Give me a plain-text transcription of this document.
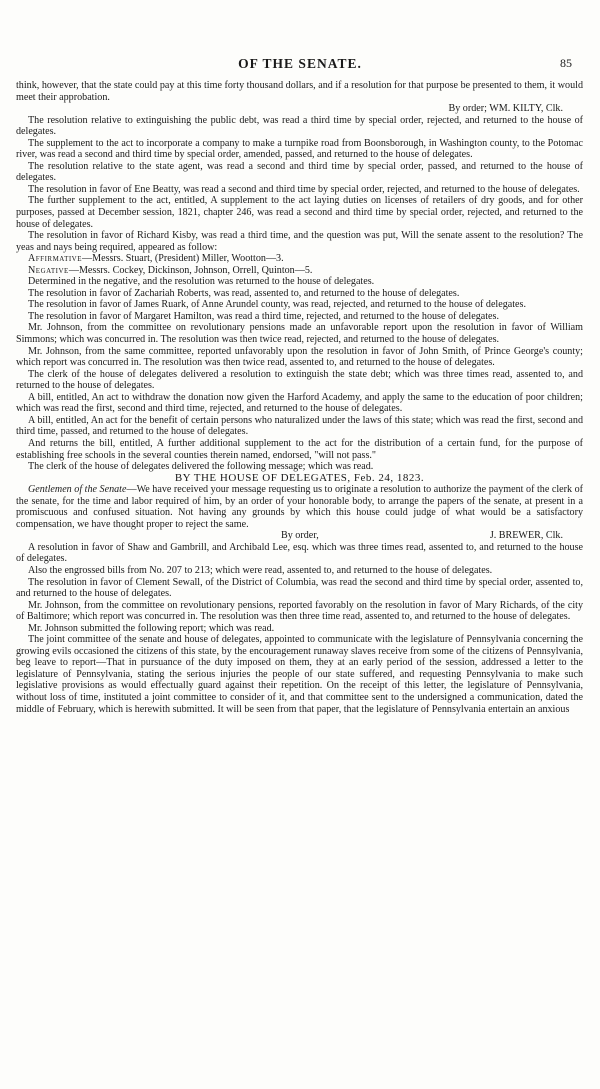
OF THE SENATE.	85

think, however, that the state could pay at this time forty thousand dollars, and if a resolution for that purpose be presented to them, it would meet their approbation.

By order; WM. KILTY, Clk.

The resolution relative to extinguishing the public debt, was read a third time by special order, rejected, and returned to the house of delegates.

The supplement to the act to incorporate a company to make a turnpike road from Boonsborough, in Washington county, to the Potomac river, was read a second and third time by special order, amended, passed, and returned to the house of delegates.

The resolution relative to the state agent, was read a second and third time by special order, passed, and returned to the house of delegates.

The resolution in favor of Ene Beatty, was read a second and third time by special order, rejected, and returned to the house of delegates.

The further supplement to the act, entitled, A supplement to the act laying duties on licenses of retailers of dry goods, and for other purposes, passed at December session, 1821, chapter 246, was read a second and third time by special order, rejected, and returned to the house of delegates.

The resolution in favor of Richard Kisby, was read a third time, and the question was put, Will the senate assent to the resolution? The yeas and nays being required, appeared as follow:

Affirmative—Messrs. Stuart, (President) Miller, Wootton—3.

Negative—Messrs. Cockey, Dickinson, Johnson, Orrell, Quinton—5.

Determined in the negative, and the resolution was returned to the house of delegates.

The resolution in favor of Zachariah Roberts, was read, assented to, and returned to the house of delegates.

The resolution in favor of James Ruark, of Anne Arundel county, was read, rejected, and returned to the house of delegates.

The resolution in favor of Margaret Hamilton, was read a third time, rejected, and returned to the house of delegates.

Mr. Johnson, from the committee on revolutionary pensions made an unfavorable report upon the resolution in favor of William Simmons; which was concurred in. The resolution was then twice read, rejected, and returned to the house of delegates.

Mr. Johnson, from the same committee, reported unfavorably upon the resolution in favor of John Smith, of Prince George's county; which report was concurred in. The resolution was then twice read, assented to, and returned to the house of delegates.

The clerk of the house of delegates delivered a resolution to extinguish the state debt; which was three times read, assented to, and returned to the house of delegates.

A bill, entitled, An act to withdraw the donation now given the Harford Academy, and apply the same to the education of poor children; which was read the first, second and third time, rejected, and returned to the house of delegates.

A bill, entitled, An act for the benefit of certain persons who naturalized under the laws of this state; which was read the first, second and third time, passed, and returned to the house of delegates.

And returns the bill, entitled, A further additional supplement to the act for the distribution of a certain fund, for the purpose of establishing free schools in the several counties therein named, endorsed, "will not pass."

The clerk of the house of delegates delivered the following message; which was read.

BY THE HOUSE OF DELEGATES, Feb. 24, 1823.

Gentlemen of the Senate—We have received your message requesting us to originate a resolution to authorize the payment of the clerk of the senate, for the time and labor required of him, by an order of your honorable body, to arrange the papers of the senate, at present in a promiscuous and confused situation. Not having any grounds by which this house could judge of what would be a satisfactory compensation, we have thought proper to reject the same.

By order,	J. BREWER, Clk.

A resolution in favor of Shaw and Gambrill, and Archibald Lee, esq. which was three times read, assented to, and returned to the house of delegates.

Also the engrossed bills from No. 207 to 213; which were read, assented to, and returned to the house of delegates.

The resolution in favor of Clement Sewall, of the District of Columbia, was read the second and third time by special order, assented to, and returned to the house of delegates.

Mr. Johnson, from the committee on revolutionary pensions, reported favorably on the resolution in favor of Mary Richards, of the city of Baltimore; which report was concurred in. The resolution was then three time read, assented to, and returned to the house of delegates.

Mr. Johnson submitted the following report; which was read.

The joint committee of the senate and house of delegates, appointed to communicate with the legislature of Pennsylvania concerning the growing evils occasioned the citizens of this state, by the encouragement runaway slaves receive from some of the citizens of Pennsylvania, beg leave to report—That in pursuance of the duty imposed on them, they at an early period of the session, addressed a letter to the legislature of Pennsylvania, stating the serious injuries the people of our state suffered, and requesting Pennsylvania to make such legislative provisions as would effectually guard against their repetition. On the receipt of this letter, the legislature of Pennsylvania, without loss of time, instituted a joint committee to consider of it, and that committee sent to the undersigned a communication, dated the middle of February, which is herewith submitted. It will be seen from that paper, that the legislature of Pennsylvania entertain an anxious
